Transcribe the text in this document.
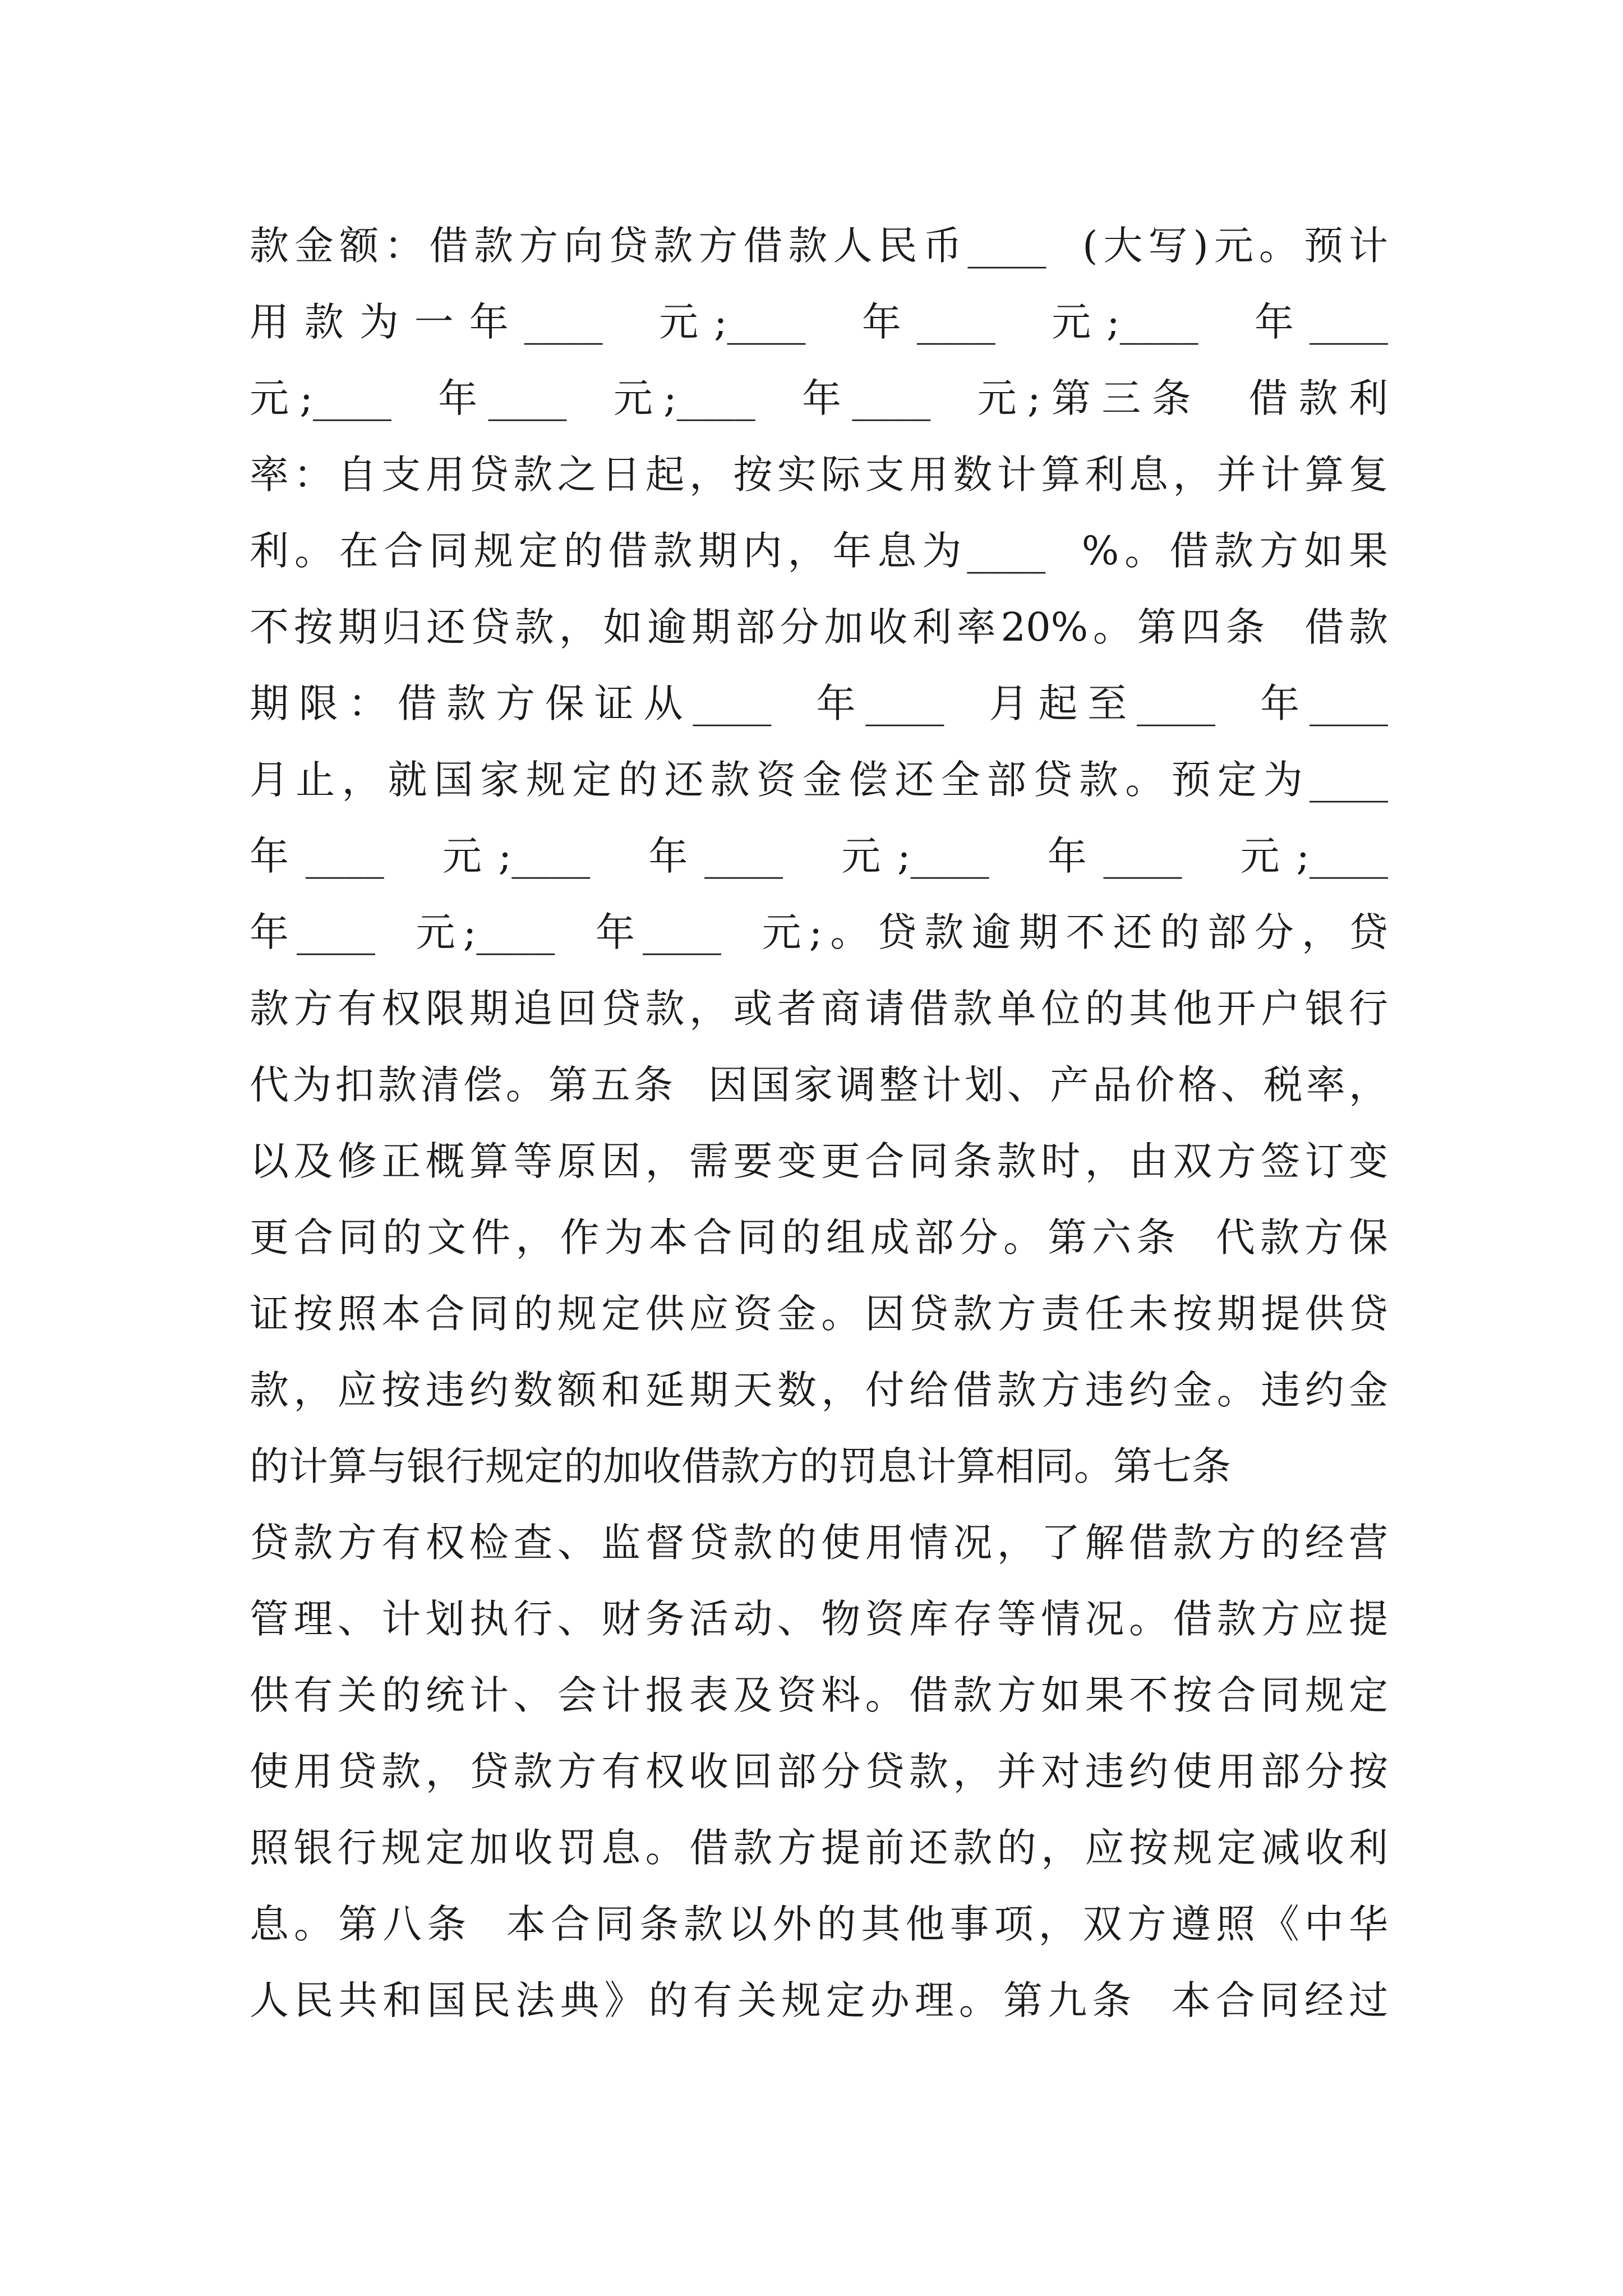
款金额：借款方向贷款方借款人民币____  (大写)元。预计
用款为一年____  元;____  年____  元;____  年____
元;____  年____  元;____  年____  元;第三条  借款利
率：自支用贷款之日起，按实际支用数计算利息，并计算复
利。在合同规定的借款期内，年息为____  %。借款方如果
不按期归还贷款，如逾期部分加收利率20%。第四条  借款
期限：借款方保证从____  年____  月起至____  年____
月止，就国家规定的还款资金偿还全部贷款。预定为____
年____  元;____  年____  元;____  年____  元;____
年____  元;____  年____  元;。贷款逾期不还的部分，贷
款方有权限期追回贷款，或者商请借款单位的其他开户银行
代为扣款清偿。第五条  因国家调整计划、产品价格、税率，
以及修正概算等原因，需要变更合同条款时，由双方签订变
更合同的文件，作为本合同的组成部分。第六条  代款方保
证按照本合同的规定供应资金。因贷款方责任未按期提供贷
款，应按违约数额和延期天数，付给借款方违约金。违约金
的计算与银行规定的加收借款方的罚息计算相同。第七条
贷款方有权检查、监督贷款的使用情况，了解借款方的经营
管理、计划执行、财务活动、物资库存等情况。借款方应提
供有关的统计、会计报表及资料。借款方如果不按合同规定
使用贷款，贷款方有权收回部分贷款，并对违约使用部分按
照银行规定加收罚息。借款方提前还款的，应按规定减收利
息。第八条  本合同条款以外的其他事项，双方遵照《中华
人民共和国民法典》的有关规定办理。第九条  本合同经过
